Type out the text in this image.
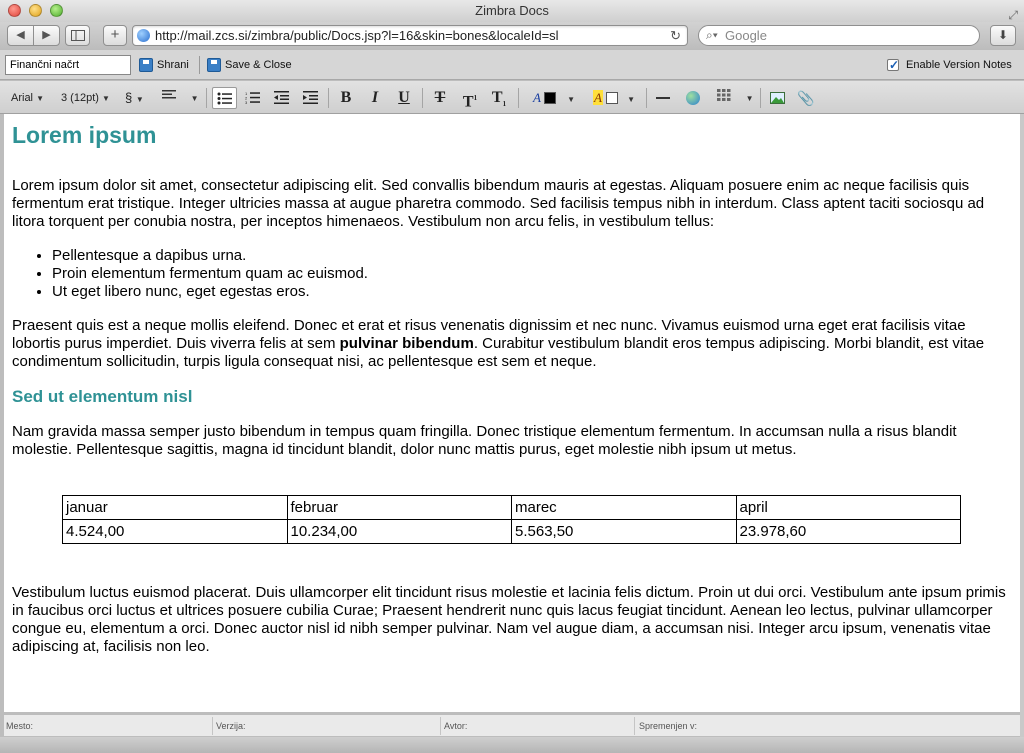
Zimbra Docs	⤢
◀	▶	+	http://mail.zcs.si/zimbra/public/Docs.jsp?l=16&skin=bones&localeId=sl	↻ ⌕▾ Google	⬇
Finančni načrt	Shrani	Save & Close ✓	Enable Version Notes
Arial ▼ 3 (12pt) ▼ § ▼	▼
1
2
3	B	I	U T $T^1$ $T_1$	A	▼	A	▼	▼	📎
Lorem ipsum

Lorem ipsum dolor sit amet, consectetur adipiscing elit. Sed convallis bibendum mauris at egestas. Aliquam posuere enim ac neque facilisis quis fermentum erat tristique. Integer ultricies massa at augue pharetra commodo. Sed facilisis tempus nibh in interdum. Class aptent taciti sociosqu ad litora torquent per conubia nostra, per inceptos himenaeos. Vestibulum non arcu felis, in vestibulum tellus:

• Pellentesque a dapibus urna.
• Proin elementum fermentum quam ac euismod.
• Ut eget libero nunc, eget egestas eros.

Praesent quis est a neque mollis eleifend. Donec et erat et risus venenatis dignissim et nec nunc. Vivamus euismod urna eget erat facilisis vitae lobortis purus imperdiet. Duis viverra felis at sem pulvinar bibendum. Curabitur vestibulum blandit eros tempus adipiscing. Morbi blandit, est vitae condimentum sollicitudin, turpis ligula consequat nisi, ac pellentesque est sem et neque.

Sed ut elementum nisl

Nam gravida massa semper justo bibendum in tempus quam fringilla. Donec tristique elementum fermentum. In accumsan nulla a risus blandit molestie. Pellentesque sagittis, magna id tincidunt blandit, dolor nunc mattis purus, eget molestie nibh ipsum ut metus.

januar	februar	marec	april
4.524,00	10.234,00	5.563,50	23.978,60

Vestibulum luctus euismod placerat. Duis ullamcorper elit tincidunt risus molestie et lacinia felis dictum. Proin ut dui orci. Vestibulum ante ipsum primis in faucibus orci luctus et ultrices posuere cubilia Curae; Praesent hendrerit nunc quis lacus feugiat tincidunt. Aenean leo lectus, pulvinar ullamcorper congue eu, elementum a orci. Donec auctor nisl id nibh semper pulvinar. Nam vel augue diam, a accumsan nisi. Integer arcu ipsum, venenatis vitae adipiscing at, facilisis non leo.

Mesto:	Verzija:	Avtor:	Spremenjen v:
